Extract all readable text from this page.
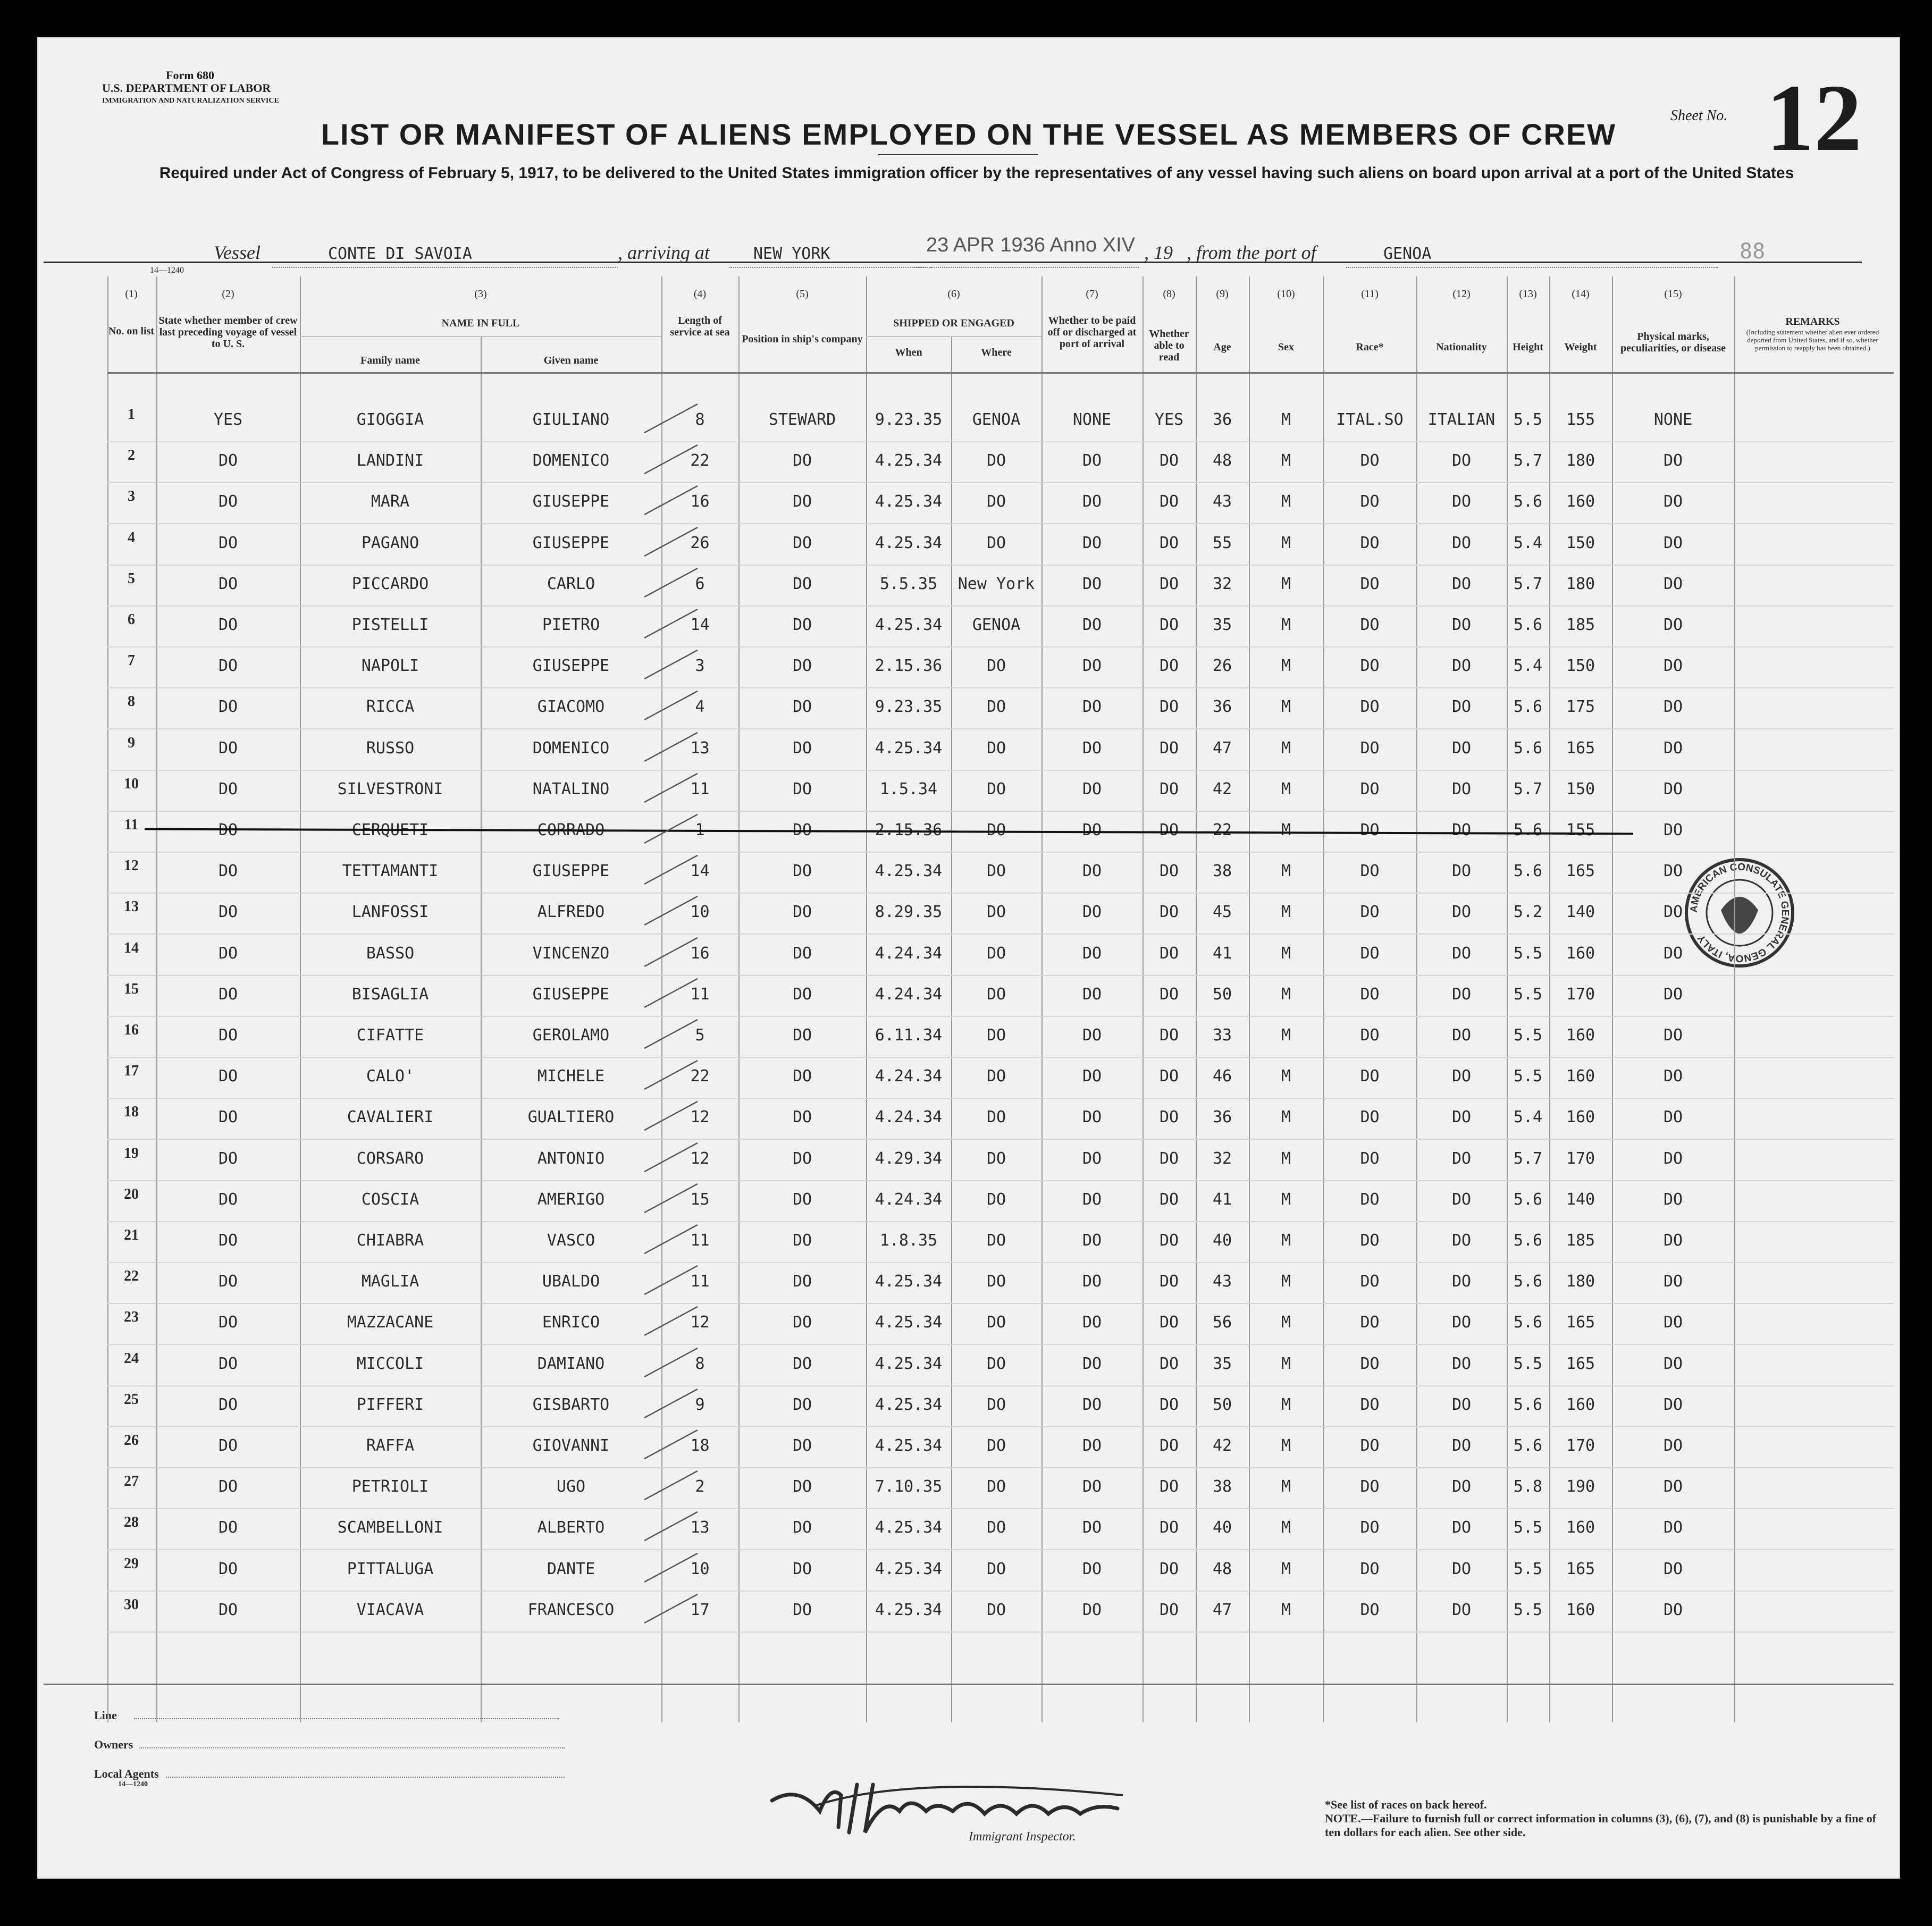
Form 680
U.S. DEPARTMENT OF LABOR
IMMIGRATION AND NATURALIZATION SERVICE
Sheet No. 12
LIST OR MANIFEST OF ALIENS EMPLOYED ON THE VESSEL AS MEMBERS OF CREW
Required under Act of Congress of February 5, 1917, to be delivered to the United States immigration officer by the representatives of any vessel having such aliens on board upon arrival at a port of the United States
Vessel	CONTE DI SAVOIA	, arriving at	NEW YORK	23 APR 1936 Anno XIV , 19 , from the port of	GENOA	88
14—1240
Line
Owners
Local Agents
14—1240
Immigrant Inspector.
*See list of races on back hereof.
NOTE.—Failure to furnish full or correct information in columns (3), (6), (7), and (8) is punishable by a fine of ten dollars for each alien. See other side.
AMERICAN CONSULATE GENERAL GENOA, ITALY
(1)	(2)	(3)	(4)	(5)	(6)	(7)	(8)	(9)	(10)	(11)	(12)	(13)	(14)	(15)
No. on list
State whether member of crew last preceding voyage of vessel to U. S.
NAME IN FULL
Family name	Given name
Length of service at sea
Position in ship's company
SHIPPED OR ENGAGED
When	Where
Whether to be paid off or discharged at port of arrival
Whether able to read
Age	Sex	Race*	Nationality	Height	Weight
Physical marks, peculiarities, or disease
REMARKS
(Including statement whether alien ever ordered deported from United States, and if so, whether permission to reapply has been obtained.)
1	YES	GIOGGIA	GIULIANO	8	STEWARD	9.23.35	GENOA	NONE	YES	36	M	ITAL.SO	ITALIAN	5.5	155	NONE
2	DO	LANDINI	DOMENICO	22	DO	4.25.34	DO	DO	DO	48	M	DO	DO	5.7	180	DO
3	DO	MARA	GIUSEPPE	16	DO	4.25.34	DO	DO	DO	43	M	DO	DO	5.6	160	DO
4	DO	PAGANO	GIUSEPPE	26	DO	4.25.34	DO	DO	DO	55	M	DO	DO	5.4	150	DO
5	DO	PICCARDO	CARLO	6	DO	5.5.35	New York	DO	DO	32	M	DO	DO	5.7	180	DO
6	DO	PISTELLI	PIETRO	14	DO	4.25.34	GENOA	DO	DO	35	M	DO	DO	5.6	185	DO
7	DO	NAPOLI	GIUSEPPE	3	DO	2.15.36	DO	DO	DO	26	M	DO	DO	5.4	150	DO
8	DO	RICCA	GIACOMO	4	DO	9.23.35	DO	DO	DO	36	M	DO	DO	5.6	175	DO
9	DO	RUSSO	DOMENICO	13	DO	4.25.34	DO	DO	DO	47	M	DO	DO	5.6	165	DO
10	DO	SILVESTRONI	NATALINO	11	DO	1.5.34	DO	DO	DO	42	M	DO	DO	5.7	150	DO
11	DO	CERQUETI	CORRADO	1	DO	2.15.36	DO	DO	DO	22	M	DO	DO	5.6	155	DO
12	DO	TETTAMANTI	GIUSEPPE	14	DO	4.25.34	DO	DO	DO	38	M	DO	DO	5.6	165	DO
13	DO	LANFOSSI	ALFREDO	10	DO	8.29.35	DO	DO	DO	45	M	DO	DO	5.2	140	DO
14	DO	BASSO	VINCENZO	16	DO	4.24.34	DO	DO	DO	41	M	DO	DO	5.5	160	DO
15	DO	BISAGLIA	GIUSEPPE	11	DO	4.24.34	DO	DO	DO	50	M	DO	DO	5.5	170	DO
16	DO	CIFATTE	GEROLAMO	5	DO	6.11.34	DO	DO	DO	33	M	DO	DO	5.5	160	DO
17	DO	CALO'	MICHELE	22	DO	4.24.34	DO	DO	DO	46	M	DO	DO	5.5	160	DO
18	DO	CAVALIERI	GUALTIERO	12	DO	4.24.34	DO	DO	DO	36	M	DO	DO	5.4	160	DO
19	DO	CORSARO	ANTONIO	12	DO	4.29.34	DO	DO	DO	32	M	DO	DO	5.7	170	DO
20	DO	COSCIA	AMERIGO	15	DO	4.24.34	DO	DO	DO	41	M	DO	DO	5.6	140	DO
21	DO	CHIABRA	VASCO	11	DO	1.8.35	DO	DO	DO	40	M	DO	DO	5.6	185	DO
22	DO	MAGLIA	UBALDO	11	DO	4.25.34	DO	DO	DO	43	M	DO	DO	5.6	180	DO
23	DO	MAZZACANE	ENRICO	12	DO	4.25.34	DO	DO	DO	56	M	DO	DO	5.6	165	DO
24	DO	MICCOLI	DAMIANO	8	DO	4.25.34	DO	DO	DO	35	M	DO	DO	5.5	165	DO
25	DO	PIFFERI	GISBARTO	9	DO	4.25.34	DO	DO	DO	50	M	DO	DO	5.6	160	DO
26	DO	RAFFA	GIOVANNI	18	DO	4.25.34	DO	DO	DO	42	M	DO	DO	5.6	170	DO
27	DO	PETRIOLI	UGO	2	DO	7.10.35	DO	DO	DO	38	M	DO	DO	5.8	190	DO
28	DO	SCAMBELLONI	ALBERTO	13	DO	4.25.34	DO	DO	DO	40	M	DO	DO	5.5	160	DO
29	DO	PITTALUGA	DANTE	10	DO	4.25.34	DO	DO	DO	48	M	DO	DO	5.5	165	DO
30	DO	VIACAVA	FRANCESCO	17	DO	4.25.34	DO	DO	DO	47	M	DO	DO	5.5	160	DO
